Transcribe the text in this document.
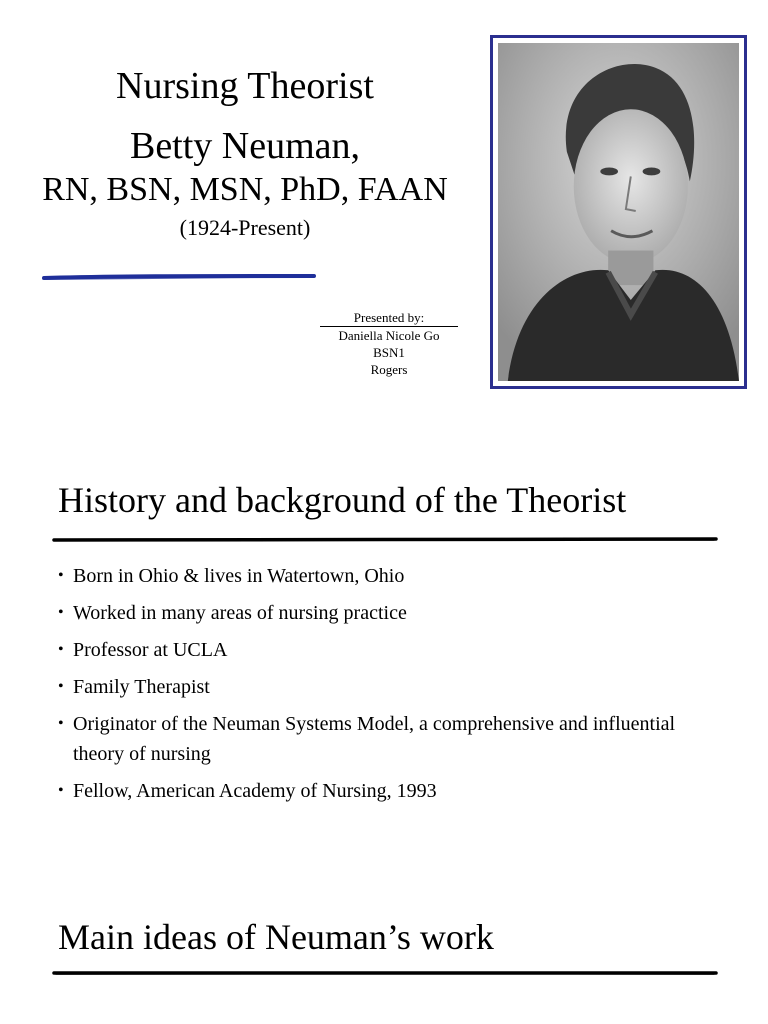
Nursing Theorist
Betty Neuman,
RN, BSN, MSN, PhD, FAAN
(1924-Present)
Presented by:
Daniella Nicole Go
BSN1
Rogers
History and background of the Theorist
• Born in Ohio & lives in Watertown, Ohio
• Worked in many areas of nursing practice
• Professor at UCLA
• Family Therapist
• Originator of the Neuman Systems Model, a comprehensive and influential theory of nursing
• Fellow, American Academy of Nursing, 1993
Main ideas of Neuman’s work
